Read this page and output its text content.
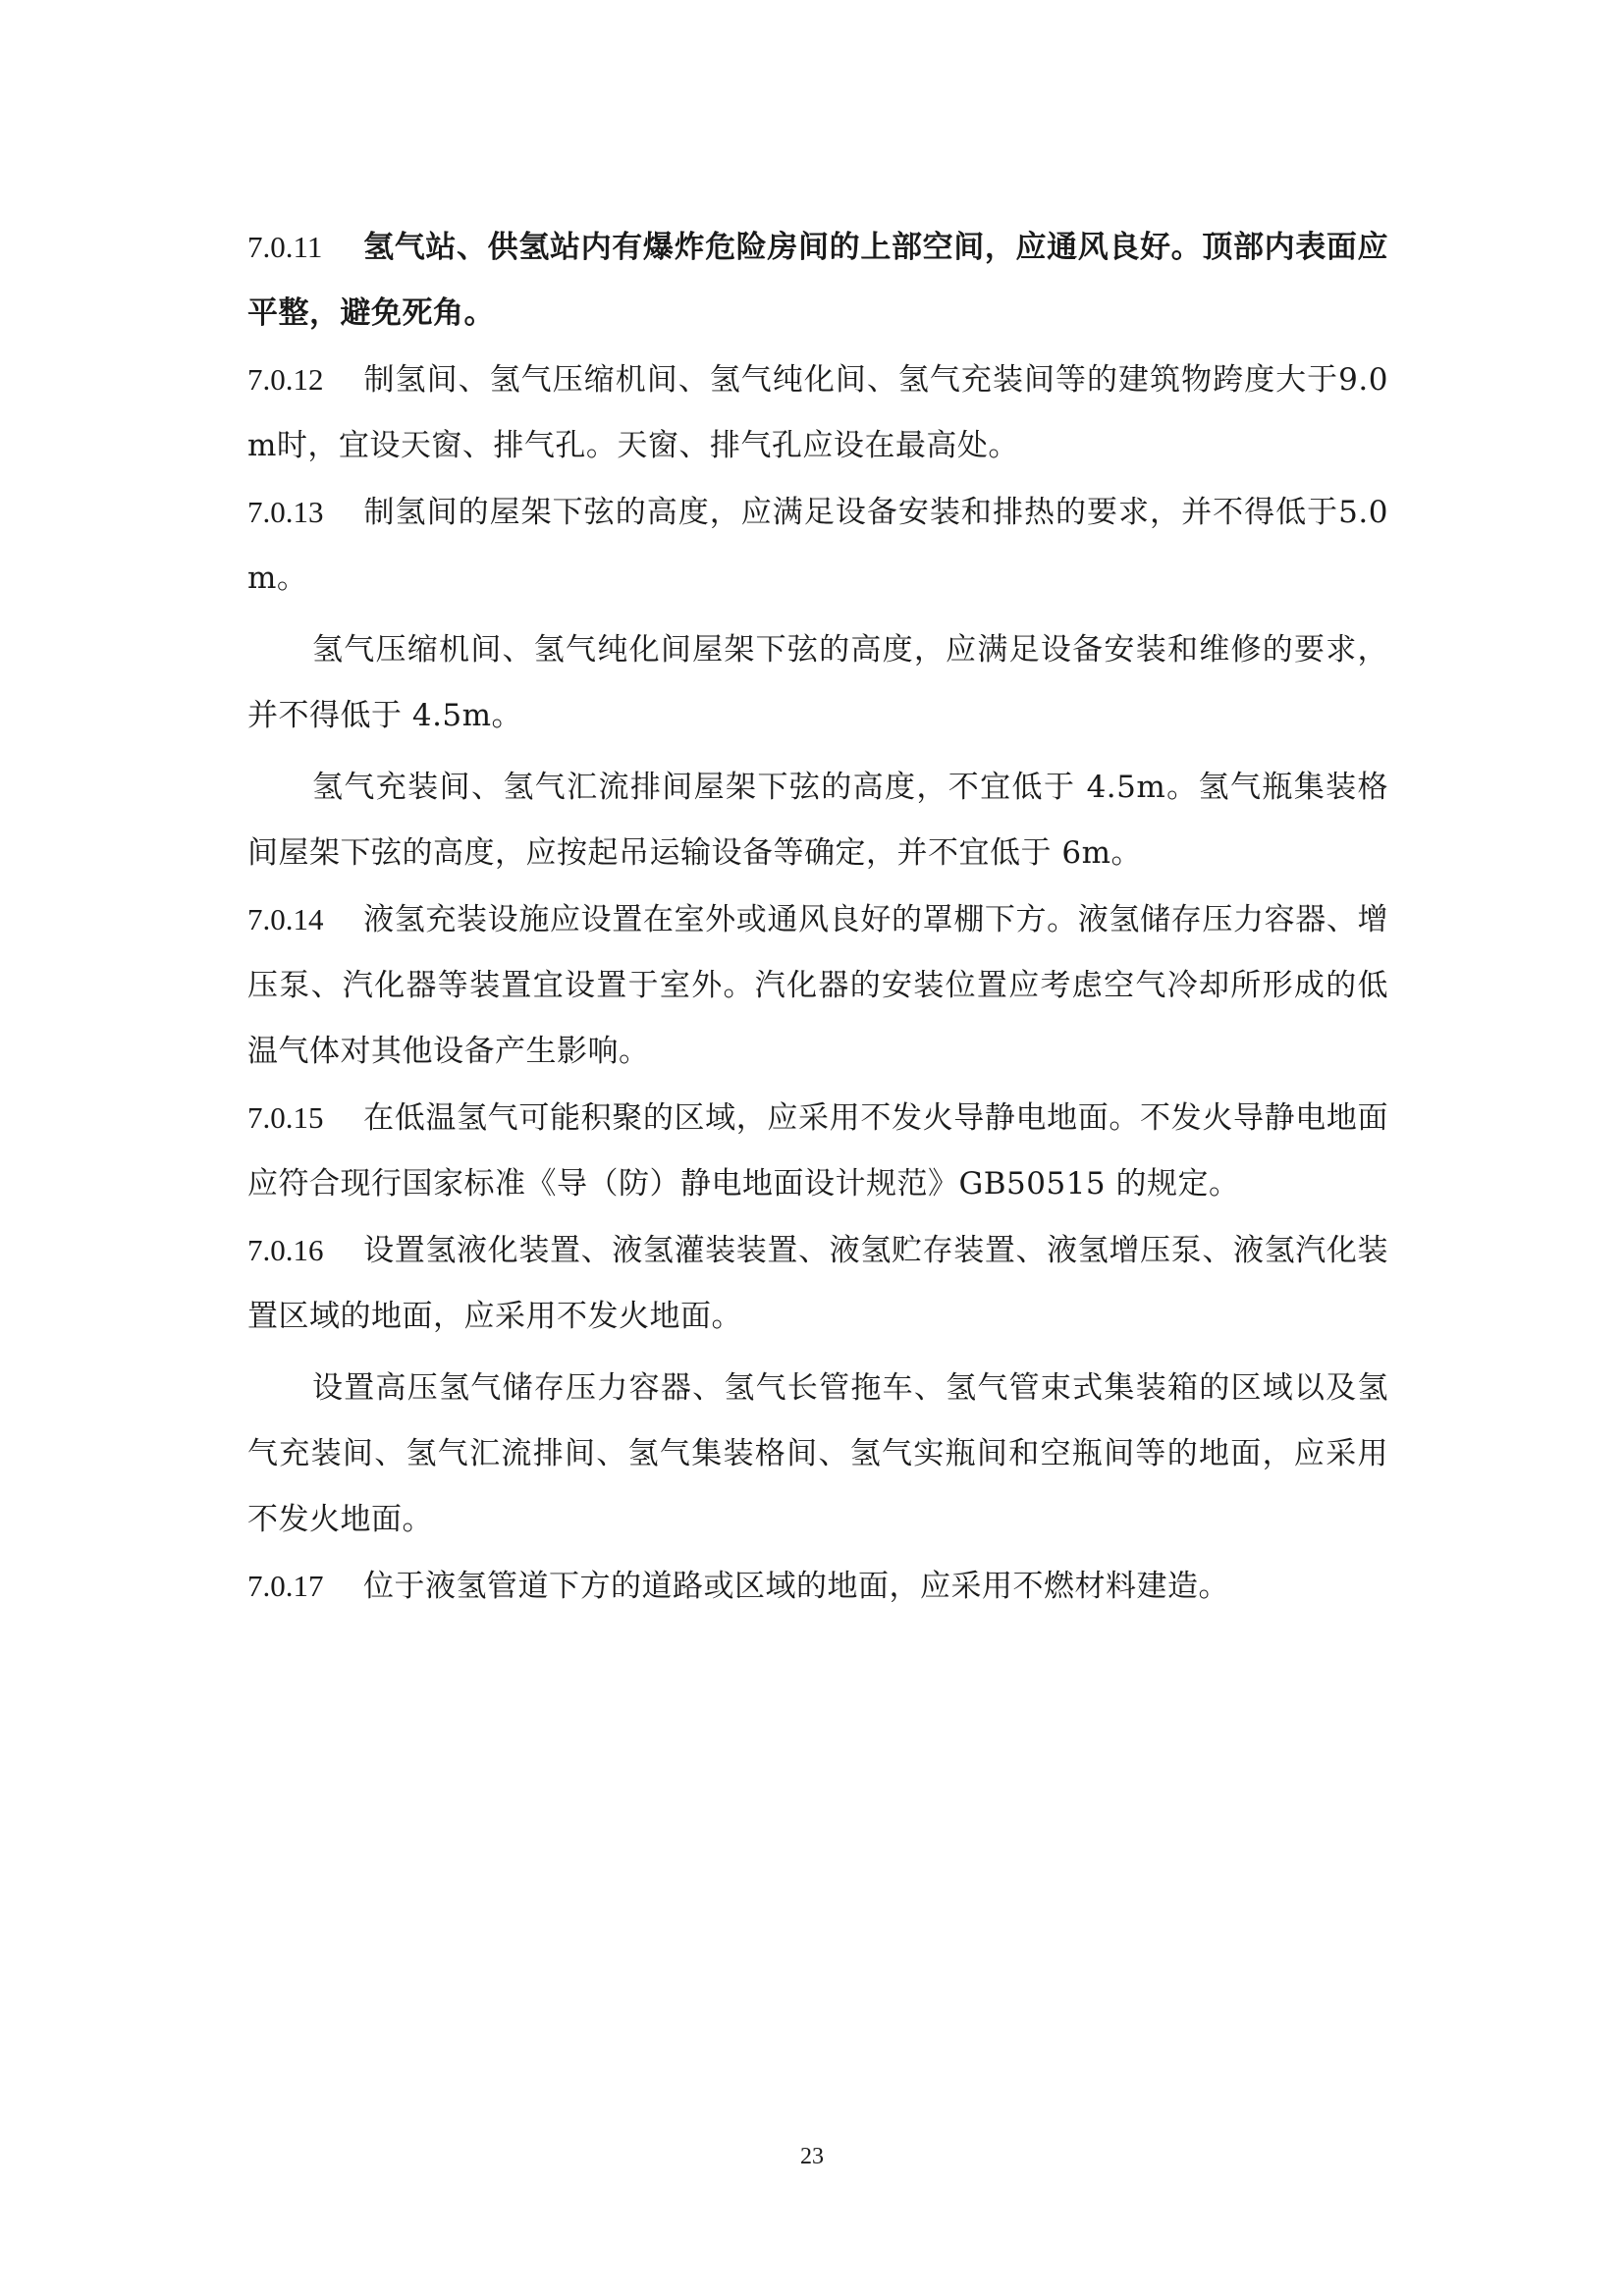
7.0.11 氢气站、供氢站内有爆炸危险房间的上部空间，应通风良好。顶部内表面应平整，避免死角。

7.0.12 制氢间、氢气压缩机间、氢气纯化间、氢气充装间等的建筑物跨度大于9.0m时，宜设天窗、排气孔。天窗、排气孔应设在最高处。

7.0.13 制氢间的屋架下弦的高度，应满足设备安装和排热的要求，并不得低于5.0m。

氢气压缩机间、氢气纯化间屋架下弦的高度，应满足设备安装和维修的要求，并不得低于 4.5m。

氢气充装间、氢气汇流排间屋架下弦的高度，不宜低于 4.5m。氢气瓶集装格间屋架下弦的高度，应按起吊运输设备等确定，并不宜低于 6m。

7.0.14 液氢充装设施应设置在室外或通风良好的罩棚下方。液氢储存压力容器、增压泵、汽化器等装置宜设置于室外。汽化器的安装位置应考虑空气冷却所形成的低温气体对其他设备产生影响。

7.0.15 在低温氢气可能积聚的区域，应采用不发火导静电地面。不发火导静电地面应符合现行国家标准《导（防）静电地面设计规范》GB50515 的规定。

7.0.16 设置氢液化装置、液氢灌装装置、液氢贮存装置、液氢增压泵、液氢汽化装置区域的地面，应采用不发火地面。

设置高压氢气储存压力容器、氢气长管拖车、氢气管束式集装箱的区域以及氢气充装间、氢气汇流排间、氢气集装格间、氢气实瓶间和空瓶间等的地面，应采用不发火地面。

7.0.17 位于液氢管道下方的道路或区域的地面，应采用不燃材料建造。

23
